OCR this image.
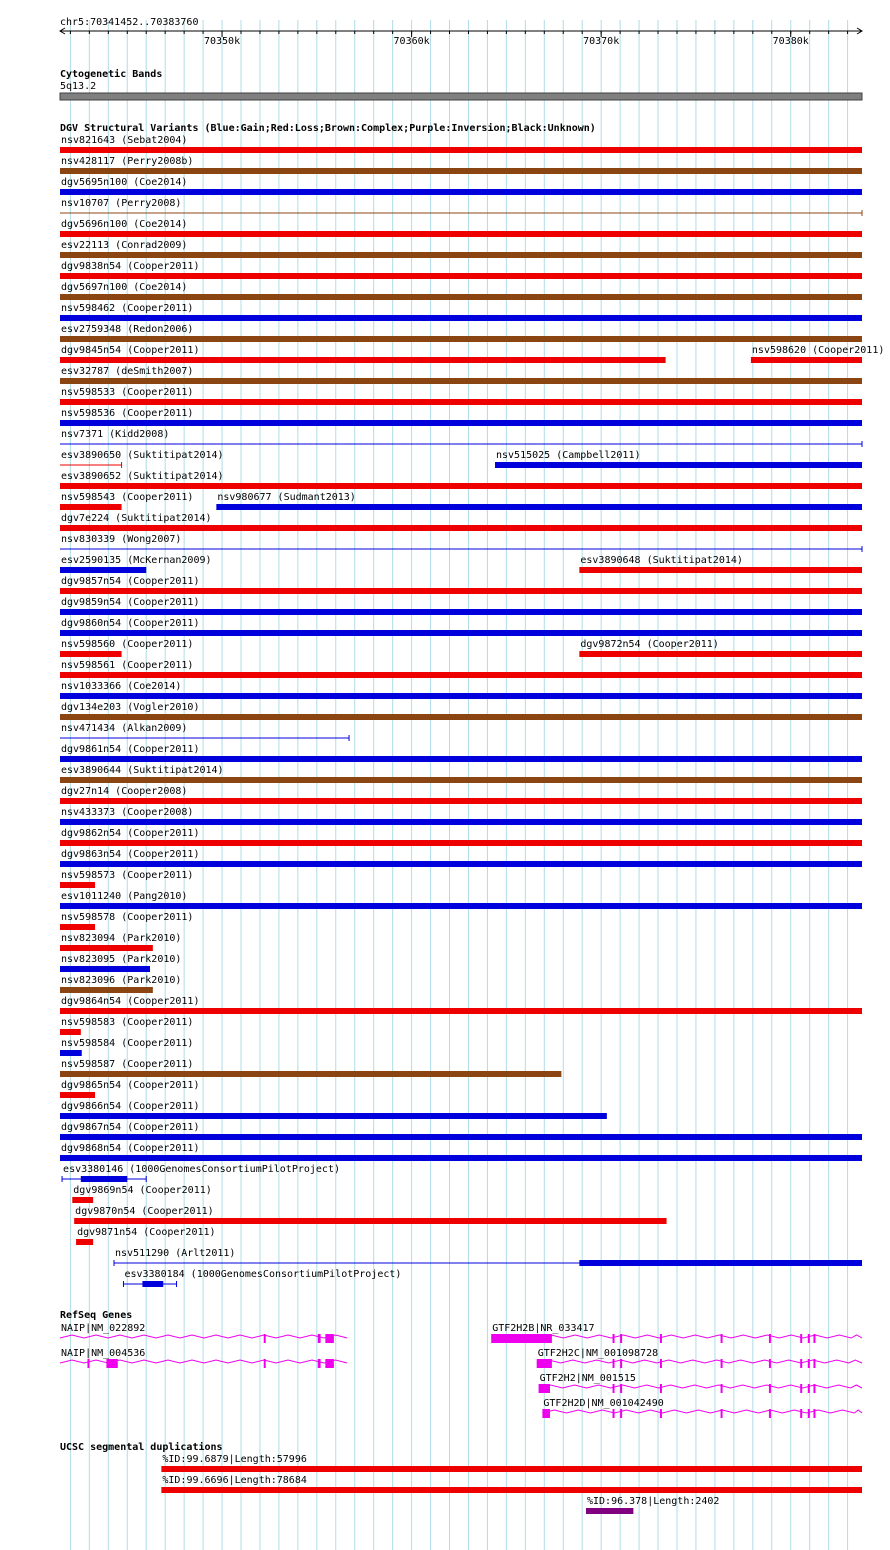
chr5:70341452..70383760
70350k	70360k	70370k	70380k
Cytogenetic Bands
5q13.2
DGV Structural Variants (Blue:Gain;Red:Loss;Brown:Complex;Purple:Inversion;Black:Unknown)
nsv821643 (Sebat2004)
nsv428117 (Perry2008b)
dgv5695n100 (Coe2014)
nsv10707 (Perry2008)
dgv5696n100 (Coe2014)
esv22113 (Conrad2009)
dgv9838n54 (Cooper2011)
dgv5697n100 (Coe2014)
nsv598462 (Cooper2011)
esv2759348 (Redon2006)
dgv9845n54 (Cooper2011)	nsv598620 (Cooper2011)
esv32787 (deSmith2007)
nsv598533 (Cooper2011)
nsv598536 (Cooper2011)
nsv7371 (Kidd2008)
esv3890650 (Suktitipat2014)	nsv515025 (Campbell2011)
esv3890652 (Suktitipat2014)
nsv598543 (Cooper2011) nsv980677 (Sudmant2013)
dgv7e224 (Suktitipat2014)
nsv830339 (Wong2007)
esv2590135 (McKernan2009)	esv3890648 (Suktitipat2014)
dgv9857n54 (Cooper2011)
dgv9859n54 (Cooper2011)
dgv9860n54 (Cooper2011)
nsv598560 (Cooper2011)	dgv9872n54 (Cooper2011)
nsv598561 (Cooper2011)
nsv1033366 (Coe2014)
dgv134e203 (Vogler2010)
nsv471434 (Alkan2009)
dgv9861n54 (Cooper2011)
esv3890644 (Suktitipat2014)
dgv27n14 (Cooper2008)
nsv433373 (Cooper2008)
dgv9862n54 (Cooper2011)
dgv9863n54 (Cooper2011)
nsv598573 (Cooper2011)
esv1011240 (Pang2010)
nsv598578 (Cooper2011)
nsv823094 (Park2010)
nsv823095 (Park2010)
nsv823096 (Park2010)
dgv9864n54 (Cooper2011)
nsv598583 (Cooper2011)
nsv598584 (Cooper2011)
nsv598587 (Cooper2011)
dgv9865n54 (Cooper2011)
dgv9866n54 (Cooper2011)
dgv9867n54 (Cooper2011)
dgv9868n54 (Cooper2011)
esv3380146 (1000GenomesConsortiumPilotProject)
dgv9869n54 (Cooper2011)
dgv9870n54 (Cooper2011)
dgv9871n54 (Cooper2011)
nsv511290 (Arlt2011)
esv3380184 (1000GenomesConsortiumPilotProject)
RefSeq Genes
NAIP|NM_022892	GTF2H2B|NR_033417
NAIP|NM_004536	GTF2H2C|NM_001098728
GTF2H2|NM_001515
GTF2H2D|NM_001042490
UCSC segmental duplications
%ID:99.6879|Length:57996
%ID:99.6696|Length:78684
%ID:96.378|Length:2402
